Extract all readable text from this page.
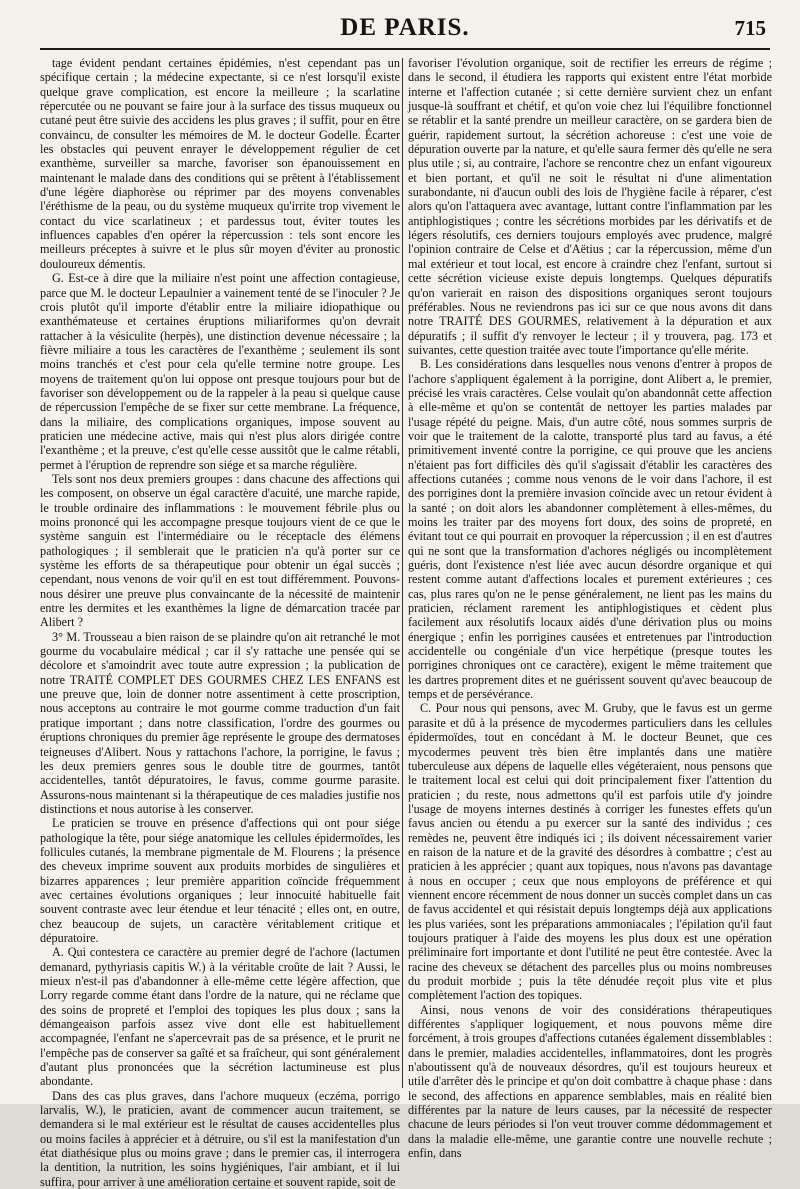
DE PARIS.	715

tage évident pendant certaines épidémies, n'est cependant pas un spécifique certain ; la médecine expectante, si ce n'est lorsqu'il existe quelque grave complication, est encore la meilleure ; la scarlatine répercutée ou ne pouvant se faire jour à la surface des tissus muqueux ou cutané peut être suivie des accidens les plus graves ; il suffit, pour en être convaincu, de consulter les mémoires de M. le docteur Godelle. Écarter les obstacles qui peuvent enrayer le développement régulier de cet exanthème, surveiller sa marche, favoriser son épanouissement en maintenant le malade dans des conditions qui se prêtent à l'établissement d'une légère diaphorèse ou réprimer par des moyens convenables l'éréthisme de la peau, ou du système muqueux qu'irrite trop vivement le contact du vice scarlatineux ; et pardessus tout, éviter toutes les influences capables d'en opérer la répercussion : tels sont encore les meilleurs préceptes à suivre et le plus sûr moyen d'éviter au pronostic douloureux démentis.

G. Est-ce à dire que la miliaire n'est point une affection contagieuse, parce que M. le docteur Lepaulnier a vainement tenté de se l'inoculer ? Je crois plutôt qu'il importe d'établir entre la miliaire idiopathique ou exanthémateuse et certaines éruptions miliariformes qu'on devrait rattacher à la vésiculite (herpès), une distinction devenue nécessaire ; la fièvre miliaire a tous les caractères de l'exanthème ; seulement ils sont moins tranchés et c'est pour cela qu'elle termine notre groupe. Les moyens de traitement qu'on lui oppose ont presque toujours pour but de favoriser son développement ou de la rappeler à la peau si quelque cause de répercussion l'empêche de se fixer sur cette membrane. La fréquence, dans la miliaire, des complications organiques, impose souvent au praticien une médecine active, mais qui n'est plus alors dirigée contre l'exanthème ; et la preuve, c'est qu'elle cesse aussitôt que le calme rétabli, permet à l'éruption de reprendre son siége et sa marche régulière.

Tels sont nos deux premiers groupes : dans chacune des affections qui les composent, on observe un égal caractère d'acuité, une marche rapide, le trouble ordinaire des inflammations : le mouvement fébrile plus ou moins prononcé qui les accompagne presque toujours vient de ce que le système sanguin est l'intermédiaire ou le réceptacle des élémens pathologiques ; il semblerait que le praticien n'a qu'à porter sur ce système les efforts de sa thérapeutique pour obtenir un égal succès ; cependant, nous venons de voir qu'il en est tout différemment. Pouvons-nous désirer une preuve plus convaincante de la nécessité de maintenir entre les dermites et les exanthèmes la ligne de démarcation tracée par Alibert ?

3° M. Trousseau a bien raison de se plaindre qu'on ait retranché le mot gourme du vocabulaire médical ; car il s'y rattache une pensée qui se décolore et s'amoindrit avec toute autre expression ; la publication de notre TRAITÉ COMPLET DES GOURMES CHEZ LES ENFANS est une preuve que, loin de donner notre assentiment à cette proscription, nous acceptons au contraire le mot gourme comme traduction d'un fait pratique important ; dans notre classification, l'ordre des gourmes ou éruptions chroniques du premier âge représente le groupe des dermatoses teigneuses d'Alibert. Nous y rattachons l'achore, la porrigine, le favus ; les deux premiers genres sous le double titre de gourmes, tantôt accidentelles, tantôt dépuratoires, le favus, comme gourme parasite. Assurons-nous maintenant si la thérapeutique de ces maladies justifie nos distinctions et nous autorise à les conserver.

Le praticien se trouve en présence d'affections qui ont pour siége pathologique la tête, pour siége anatomique les cellules épidermoïdes, les follicules cutanés, la membrane pigmentale de M. Flourens ; la présence des cheveux imprime souvent aux produits morbides de singulières et bizarres apparences ; leur première apparition coïncide fréquemment avec certaines évolutions organiques ; leur innocuité habituelle fait souvent contraste avec leur étendue et leur ténacité ; elles ont, en outre, chez beaucoup de sujets, un caractère véritablement critique et dépuratoire.

A. Qui contestera ce caractère au premier degré de l'achore (lactumen demanard, pythyriasis capitis W.) à la véritable croûte de lait ? Aussi, le mieux n'est-il pas d'abandonner à elle-même cette légère affection, que Lorry regarde comme étant dans l'ordre de la nature, qui ne réclame que des soins de propreté et l'emploi des topiques les plus doux ; sans la démangeaison parfois assez vive dont elle est habituellement accompagnée, l'enfant ne s'apercevrait pas de sa présence, et le prurit ne l'empêche pas de conserver sa gaîté et sa fraîcheur, qui sont généralement d'autant plus prononcées que la sécrétion lactumineuse est plus abondante.

Dans des cas plus graves, dans l'achore muqueux (eczéma, porrigo larvalis, W.), le praticien, avant de commencer aucun traitement, se demandera si le mal extérieur est le résultat de causes accidentelles plus ou moins faciles à apprécier et à détruire, ou s'il est la manifestation d'un état diathésique plus ou moins grave ; dans le premier cas, il interrogera la dentition, la nutrition, les soins hygiéniques, l'air ambiant, et il lui suffira, pour arriver à une amélioration certaine et souvent rapide, soit de

favoriser l'évolution organique, soit de rectifier les erreurs de régime ; dans le second, il étudiera les rapports qui existent entre l'état morbide interne et l'affection cutanée ; si cette dernière survient chez un enfant jusque-là souffrant et chétif, et qu'on voie chez lui l'équilibre fonctionnel se rétablir et la santé prendre un meilleur caractère, on se gardera bien de guérir, rapidement surtout, la sécrétion achoreuse : c'est une voie de dépuration ouverte par la nature, et qu'elle saura fermer dès qu'elle ne sera plus utile ; si, au contraire, l'achore se rencontre chez un enfant vigoureux et bien portant, et qu'il ne soit le résultat ni d'une alimentation surabondante, ni d'aucun oubli des lois de l'hygiène facile à réparer, c'est alors qu'on l'attaquera avec avantage, luttant contre l'inflammation par les antiphlogistiques ; contre les sécrétions morbides par les dérivatifs et de légers résolutifs, ces derniers toujours employés avec prudence, malgré l'opinion contraire de Celse et d'Aëtius ; car la répercussion, même d'un mal extérieur et tout local, est encore à craindre chez l'enfant, surtout si cette sécrétion vicieuse existe depuis longtemps. Quelques dépuratifs qu'on varierait en raison des dispositions organiques seront toujours préférables. Nous ne reviendrons pas ici sur ce que nous avons dit dans notre TRAITÉ DES GOURMES, relativement à la dépuration et aux dépuratifs ; il suffit d'y renvoyer le lecteur ; il y trouvera, pag. 173 et suivantes, cette question traitée avec toute l'importance qu'elle mérite.

B. Les considérations dans lesquelles nous venons d'entrer à propos de l'achore s'appliquent également à la porrigine, dont Alibert a, le premier, précisé les vrais caractères. Celse voulait qu'on abandonnât cette affection à elle-même et qu'on se contentât de nettoyer les parties malades par l'usage répété du peigne. Mais, d'un autre côté, nous sommes surpris de voir que le traitement de la calotte, transporté plus tard au favus, a été primitivement inventé contre la porrigine, ce qui prouve que les anciens n'étaient pas fort difficiles dès qu'il s'agissait d'établir les caractères des affections cutanées ; comme nous venons de le voir dans l'achore, il est des porrigines dont la première invasion coïncide avec un retour évident à la santé ; on doit alors les abandonner complètement à elles-mêmes, du moins les traiter par des moyens fort doux, des soins de propreté, en évitant tout ce qui pourrait en provoquer la répercussion ; il en est d'autres qui ne sont que la transformation d'achores négligés ou incomplètement guéris, dont l'existence n'est liée avec aucun désordre organique et qui restent comme autant d'affections locales et purement extérieures ; ces cas, plus rares qu'on ne le pense généralement, ne lient pas les mains du praticien, réclament rarement les antiphlogistiques et cèdent plus facilement aux résolutifs locaux aidés d'une dérivation plus ou moins énergique ; enfin les porrigines causées et entretenues par l'introduction accidentelle ou congéniale d'un vice herpétique (presque toutes les porrigines chroniques ont ce caractère), exigent le même traitement que les dartres proprement dites et ne guérissent souvent qu'avec beaucoup de temps et de persévérance.

C. Pour nous qui pensons, avec M. Gruby, que le favus est un germe parasite et dû à la présence de mycodermes particuliers dans les cellules épidermoïdes, tout en concédant à M. le docteur Beunet, que ces mycodermes peuvent très bien être implantés dans une matière tuberculeuse aux dépens de laquelle elles végéteraient, nous pensons que le traitement local est celui qui doit principalement fixer l'attention du praticien ; du reste, nous admettons qu'il est parfois utile d'y joindre l'usage de moyens internes destinés à corriger les funestes effets qu'un favus ancien ou étendu a pu exercer sur la santé des individus ; ces remèdes ne, peuvent être indiqués ici ; ils doivent nécessairement varier en raison de la nature et de la gravité des désordres à combattre ; c'est au praticien à les apprécier ; quant aux topiques, nous n'avons pas davantage à nous en occuper ; ceux que nous employons de préférence et qui viennent encore récemment de nous donner un succès complet dans un cas de favus accidentel et qui résistait depuis longtemps déjà aux applications les plus variées, sont les préparations ammoniacales ; l'épilation qu'il faut toujours pratiquer à l'aide des moyens les plus doux est une opération préliminaire fort importante et dont l'utilité ne peut être contestée. Avec la racine des cheveux se détachent des parcelles plus ou moins nombreuses du produit morbide ; puis la tête dénudée reçoit plus vite et plus complètement l'action des topiques.

Ainsi, nous venons de voir des considérations thérapeutiques différentes s'appliquer logiquement, et nous pouvons même dire forcément, à trois groupes d'affections cutanées également dissemblables : dans le premier, maladies accidentelles, inflammatoires, dont les progrès n'aboutissent qu'à de nouveaux désordres, qu'il est toujours heureux et utile d'arrêter dès le principe et qu'on doit combattre à chaque phase : dans le second, des affections en apparence semblables, mais en réalité bien différentes par la nature de leurs causes, par la nécessité de respecter chacune de leurs périodes si l'on veut trouver comme dédommagement et dans la maladie elle-même, une garantie contre une nouvelle rechute ; enfin, dans
